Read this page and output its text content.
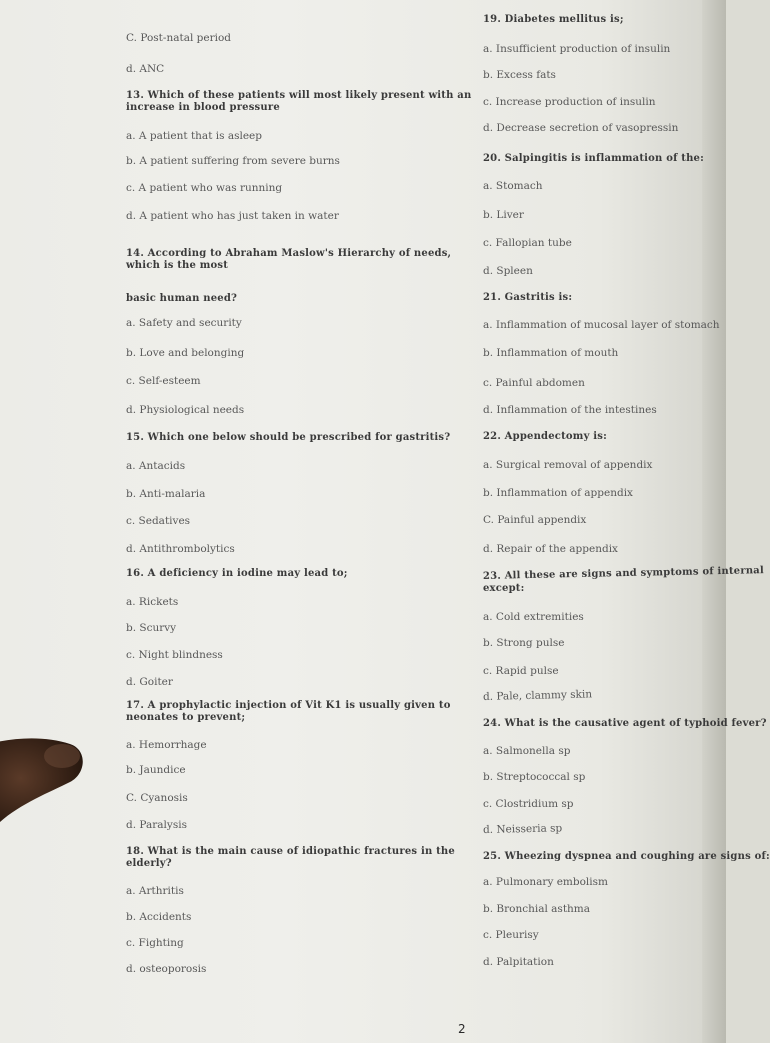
C. Post-natal period
d. ANC
13. Which of these patients will most likely present with an
increase in blood pressure
a. A patient that is asleep
b. A patient suffering from severe burns
c. A patient who was running
d. A patient who has just taken in water
14. According to Abraham Maslow's Hierarchy of needs,
which is the most
basic human need?
a. Safety and security
b. Love and belonging
c. Self-esteem
d. Physiological needs
15. Which one below should be prescribed for gastritis?
a. Antacids
b. Anti-malaria
c. Sedatives
d. Antithrombolytics
16. A deficiency in iodine may lead to;
a. Rickets
b. Scurvy
c. Night blindness
d. Goiter
17. A prophylactic injection of Vit K1 is usually given to
neonates to prevent;
a. Hemorrhage
b. Jaundice
C. Cyanosis
d. Paralysis
18. What is the main cause of idiopathic fractures in the
elderly?
a. Arthritis
b. Accidents
c. Fighting
d. osteoporosis
19. Diabetes mellitus is;
a. Insufficient production of insulin
b. Excess fats
c. Increase production of insulin
d. Decrease secretion of vasopressin
20. Salpingitis is inflammation of the:
a. Stomach
b. Liver
c. Fallopian tube
d. Spleen
21. Gastritis is:
a. Inflammation of mucosal layer of stomach
b. Inflammation of mouth
c. Painful abdomen
d. Inflammation of the intestines
22. Appendectomy is:
a. Surgical removal of appendix
b. Inflammation of appendix
C. Painful appendix
d. Repair of the appendix
23. All these are signs and symptoms of internal
except:
a. Cold extremities
b. Strong pulse
c. Rapid pulse
d. Pale, clammy skin
24. What is the causative agent of typhoid fever?
a. Salmonella sp
b. Streptococcal sp
c. Clostridium sp
d. Neisseria sp
25. Wheezing dyspnea and coughing are signs of:
a. Pulmonary embolism
b. Bronchial asthma
c. Pleurisy
d. Palpitation
2
